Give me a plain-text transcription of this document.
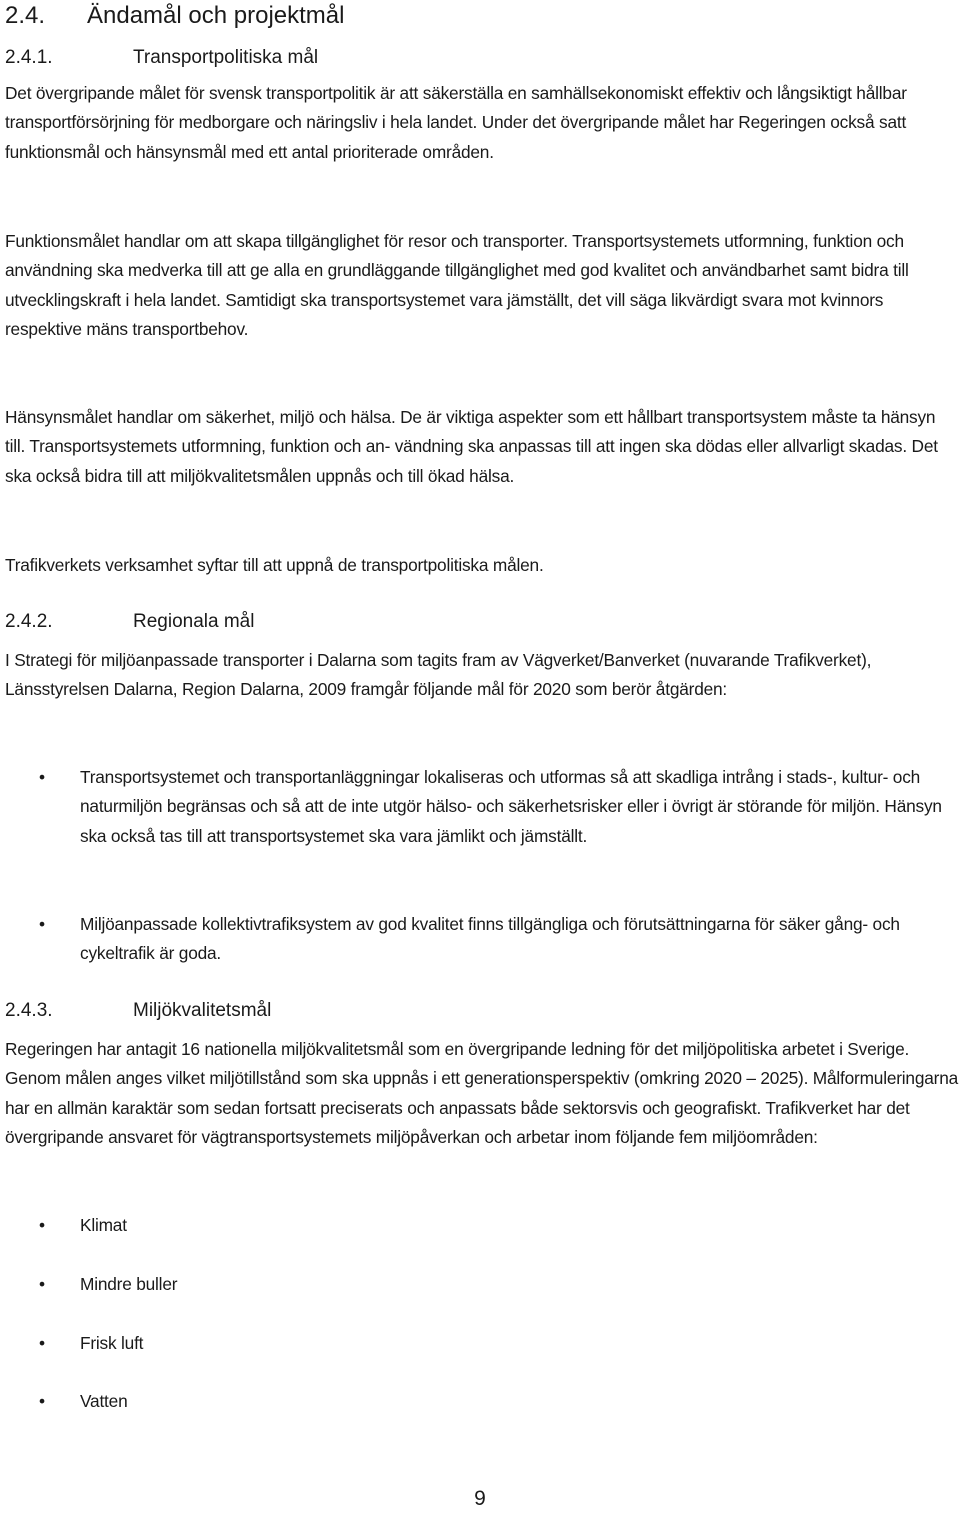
2.4. Ändamål och projektmål
2.4.1.	Transportpolitiska mål

Det övergripande målet för svensk transportpolitik är att säkerställa en samhällsekonomiskt effektiv och långsiktigt hållbar transportförsörjning för medborgare och näringsliv i hela landet. Under det övergripande målet har Regeringen också satt funktionsmål och hänsynsmål med ett antal prioriterade områden.

Funktionsmålet handlar om att skapa tillgänglighet för resor och transporter. Transportsystemets utformning, funktion och användning ska medverka till att ge alla en grundläggande tillgänglighet med god kvalitet och användbarhet samt bidra till utvecklingskraft i hela landet. Samtidigt ska transportsystemet vara jämställt, det vill säga likvärdigt svara mot kvinnors respektive mäns transportbehov.

Hänsynsmålet handlar om säkerhet, miljö och hälsa. De är viktiga aspekter som ett hållbart transportsystem måste ta hänsyn till. Transportsystemets utformning, funktion och an- vändning ska anpassas till att ingen ska dödas eller allvarligt skadas. Det ska också bidra till att miljökvalitetsmålen uppnås och till ökad hälsa.

Trafikverkets verksamhet syftar till att uppnå de transportpolitiska målen.

2.4.2.	Regionala mål

I Strategi för miljöanpassade transporter i Dalarna som tagits fram av Vägverket/Banverket (nuvarande Trafikverket), Länsstyrelsen Dalarna, Region Dalarna, 2009 framgår följande mål för 2020 som berör åtgärden:

• Transportsystemet och transportanläggningar lokaliseras och utformas så att skadliga intrång i stads-, kultur- och naturmiljön begränsas och så att de inte utgör hälso- och säkerhetsrisker eller i övrigt är störande för miljön. Hänsyn ska också tas till att transportsystemet ska vara jämlikt och jämställt.

• Miljöanpassade kollektivtrafiksystem av god kvalitet finns tillgängliga och förutsättningarna för säker gång- och cykeltrafik är goda.

2.4.3.	Miljökvalitetsmål

Regeringen har antagit 16 nationella miljökvalitetsmål som en övergripande ledning för det miljöpolitiska arbetet i Sverige. Genom målen anges vilket miljötillstånd som ska uppnås i ett generationsperspektiv (omkring 2020 – 2025). Målformuleringarna har en allmän karaktär som sedan fortsatt preciserats och anpassats både sektorsvis och geografiskt. Trafikverket har det övergripande ansvaret för vägtransportsystemets miljöpåverkan och arbetar inom följande fem miljöområden:

• Klimat

• Mindre buller

• Frisk luft

• Vatten

9
